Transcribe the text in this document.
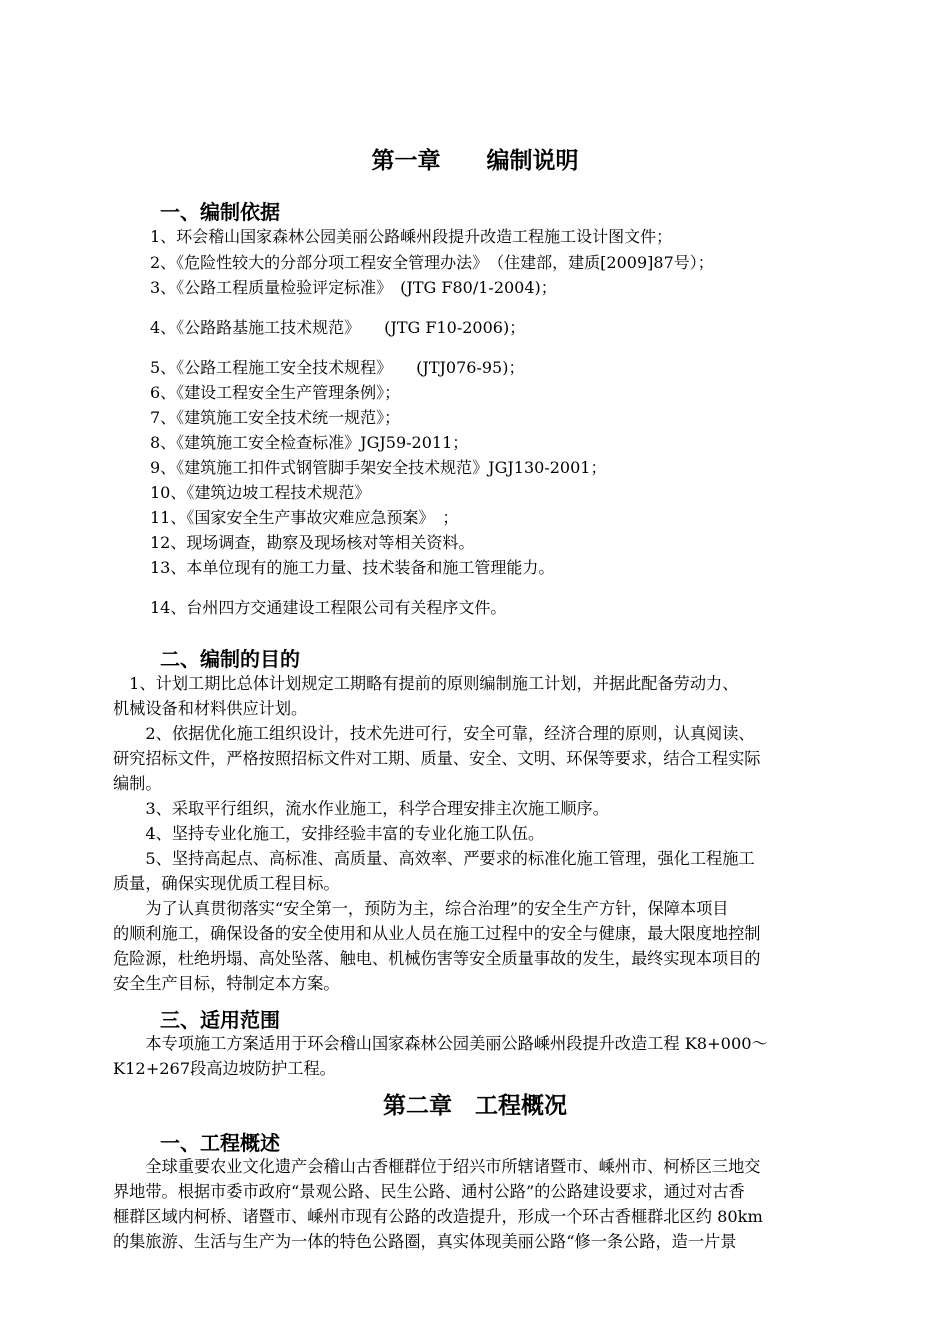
第一章　　编制说明
一、编制依据
1、环会稽山国家森林公园美丽公路嵊州段提升改造工程施工设计图文件；
2、《危险性较大的分部分项工程安全管理办法》　（住建部，建质[2009]87号）；
3、《公路工程质量检验评定标准》　(JTG F80/1-2004)；
4、《公路路基施工技术规范》　　(JTG F10-2006)；
5、《公路工程施工安全技术规程》　　(JTJ076-95)；
6、《建设工程安全生产管理条例》；
7、《建筑施工安全技术统一规范》；
8、《建筑施工安全检查标准》JGJ59-2011；
9、《建筑施工扣件式钢管脚手架安全技术规范》JGJ130-2001；
10、《建筑边坡工程技术规范》
11、《国家安全生产事故灾难应急预案》　；
12、现场调查，勘察及现场核对等相关资料。
13、本单位现有的施工力量、技术装备和施工管理能力。
14、台州四方交通建设工程限公司有关程序文件。
二、编制的目的
　1、计划工期比总体计划规定工期略有提前的原则编制施工计划，并据此配备劳动力、
机械设备和材料供应计划。
　　2、依据优化施工组织设计，技术先进可行，安全可靠，经济合理的原则，认真阅读、
研究招标文件，严格按照招标文件对工期、质量、安全、文明、环保等要求，结合工程实际
编制。
　　3、采取平行组织，流水作业施工，科学合理安排主次施工顺序。
　　4、坚持专业化施工，安排经验丰富的专业化施工队伍。
　　5、坚持高起点、高标准、高质量、高效率、严要求的标准化施工管理，强化工程施工
质量，确保实现优质工程目标。
　　为了认真贯彻落实“安全第一，预防为主，综合治理”的安全生产方针，保障本项目
的顺利施工，确保设备的安全使用和从业人员在施工过程中的安全与健康，最大限度地控制
危险源，杜绝坍塌、高处坠落、触电、机械伤害等安全质量事故的发生，最终实现本项目的
安全生产目标，特制定本方案。
三、适用范围
　　本专项施工方案适用于环会稽山国家森林公园美丽公路嵊州段提升改造工程 K8+000～
K12+267段高边坡防护工程。
第二章　工程概况
一、工程概述
　　全球重要农业文化遗产会稽山古香榧群位于绍兴市所辖诸暨市、嵊州市、柯桥区三地交
界地带。根据市委市政府“景观公路、民生公路、通村公路”的公路建设要求，通过对古香
榧群区域内柯桥、诸暨市、嵊州市现有公路的改造提升，形成一个环古香榧群北区约 80km
的集旅游、生活与生产为一体的特色公路圈，真实体现美丽公路“修一条公路，造一片景
